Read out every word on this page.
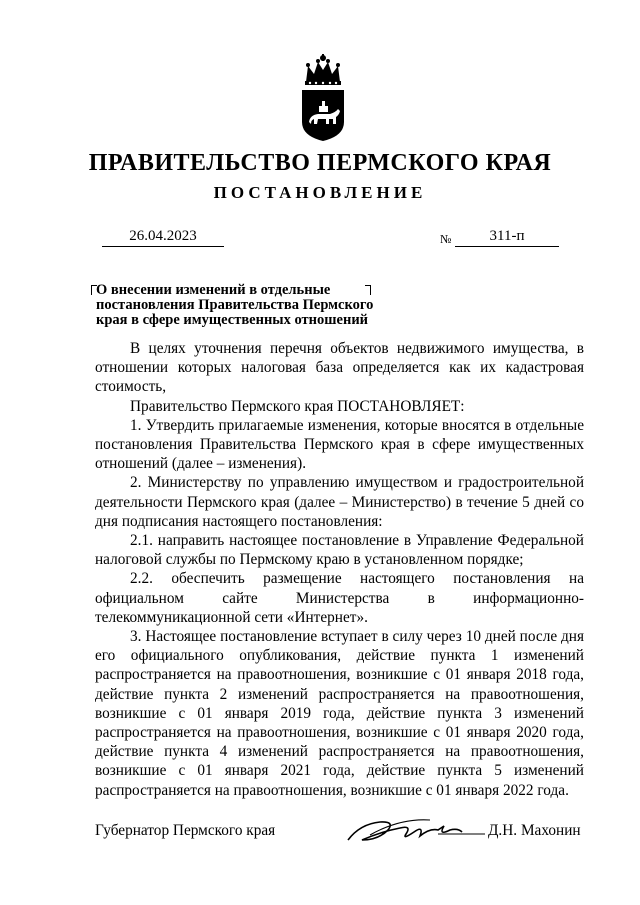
ПРАВИТЕЛЬСТВО ПЕРМСКОГО КРАЯ
ПОСТАНОВЛЕНИЕ
26.04.2023	№	311-п
О внесении изменений в отдельные
постановления Правительства Пермского
края в сфере имущественных отношений

В целях уточнения перечня объектов недвижимого имущества, в отношении которых налоговая база определяется как их кадастровая стоимость,

Правительство Пермского края ПОСТАНОВЛЯЕТ:

1. Утвердить прилагаемые изменения, которые вносятся в отдельные постановления Правительства Пермского края в сфере имущественных отношений (далее – изменения).

2. Министерству по управлению имуществом и градостроительной деятельности Пермского края (далее – Министерство) в течение 5 дней со дня подписания настоящего постановления:

2.1. направить настоящее постановление в Управление Федеральной налоговой службы по Пермскому краю в установленном порядке;

2.2. обеспечить размещение настоящего постановления на официальном сайте Министерства в информационно-телекоммуникационной сети «Интернет».

3. Настоящее постановление вступает в силу через 10 дней после дня его официального опубликования, действие пункта 1 изменений распространяется на правоотношения, возникшие с 01 января 2018 года, действие пункта 2 изменений распространяется на правоотношения, возникшие с 01 января 2019 года, действие пункта 3 изменений распространяется на правоотношения, возникшие с 01 января 2020 года, действие пункта 4 изменений распространяется на правоотношения, возникшие с 01 января 2021 года, действие пункта 5 изменений распространяется на правоотношения, возникшие с 01 января 2022 года.

Губернатор Пермского края	Д.Н. Махонин
